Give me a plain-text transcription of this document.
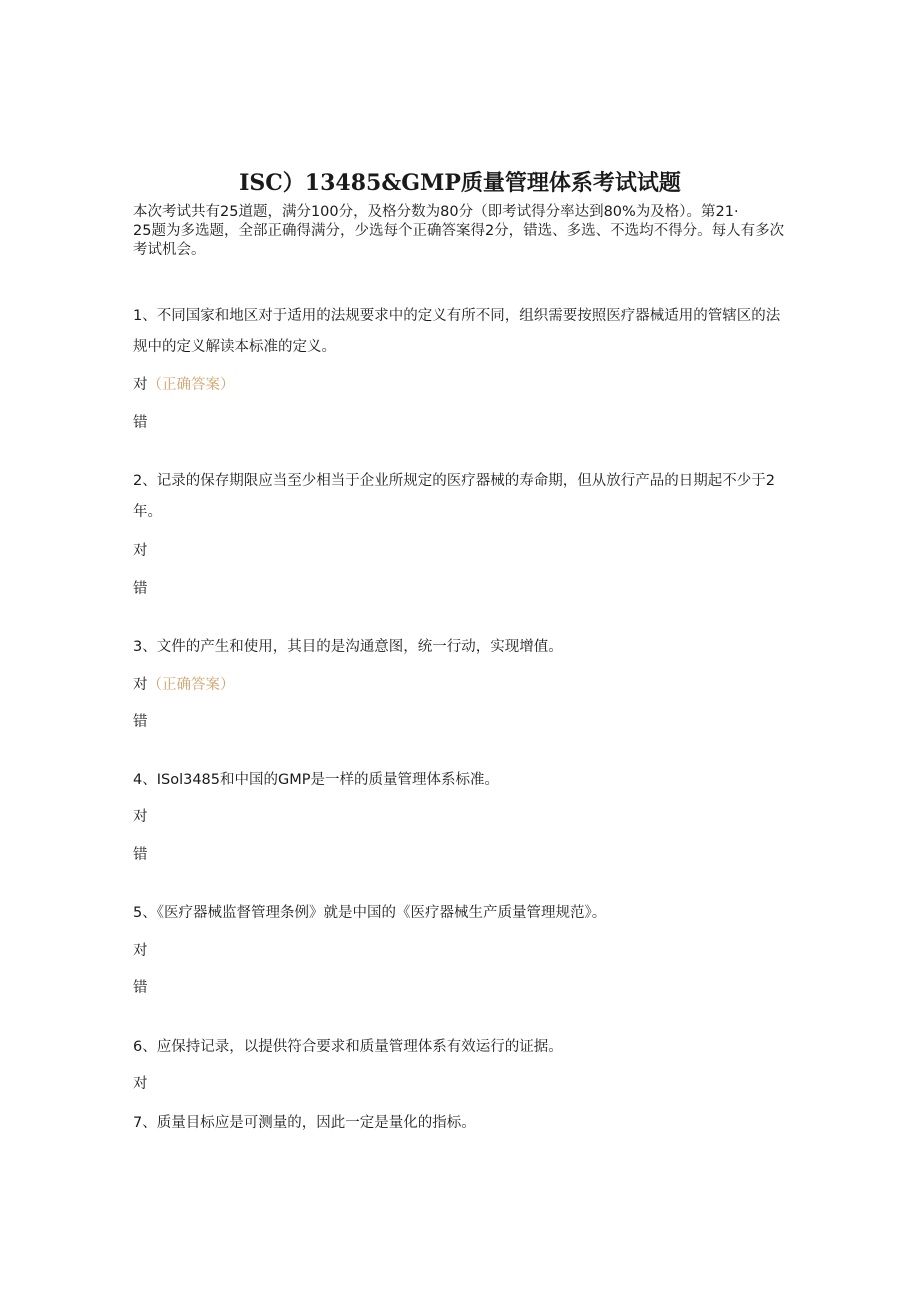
ISC）13485&GMP质量管理体系考试试题

本次考试共有25道题，满分100分，及格分数为80分（即考试得分率达到80%为及格）。第21·

25题为多选题，全部正确得满分，少选每个正确答案得2分，错选、多选、不选均不得分。每人有多次考试机会。

1、不同国家和地区对于适用的法规要求中的定义有所不同，组织需要按照医疗器械适用的管辖区的法规中的定义解读本标准的定义。

对（正确答案）
错

2、记录的保存期限应当至少相当于企业所规定的医疗器械的寿命期，但从放行产品的日期起不少于2年。

对
错

3、文件的产生和使用，其目的是沟通意图，统一行动，实现增值。

对（正确答案）
错

4、ISol3485和中国的GMP是一样的质量管理体系标准。

对
错

5、《医疗器械监督管理条例》就是中国的《医疗器械生产质量管理规范》。

对
错

6、应保持记录，以提供符合要求和质量管理体系有效运行的证据。

对

7、质量目标应是可测量的，因此一定是量化的指标。
